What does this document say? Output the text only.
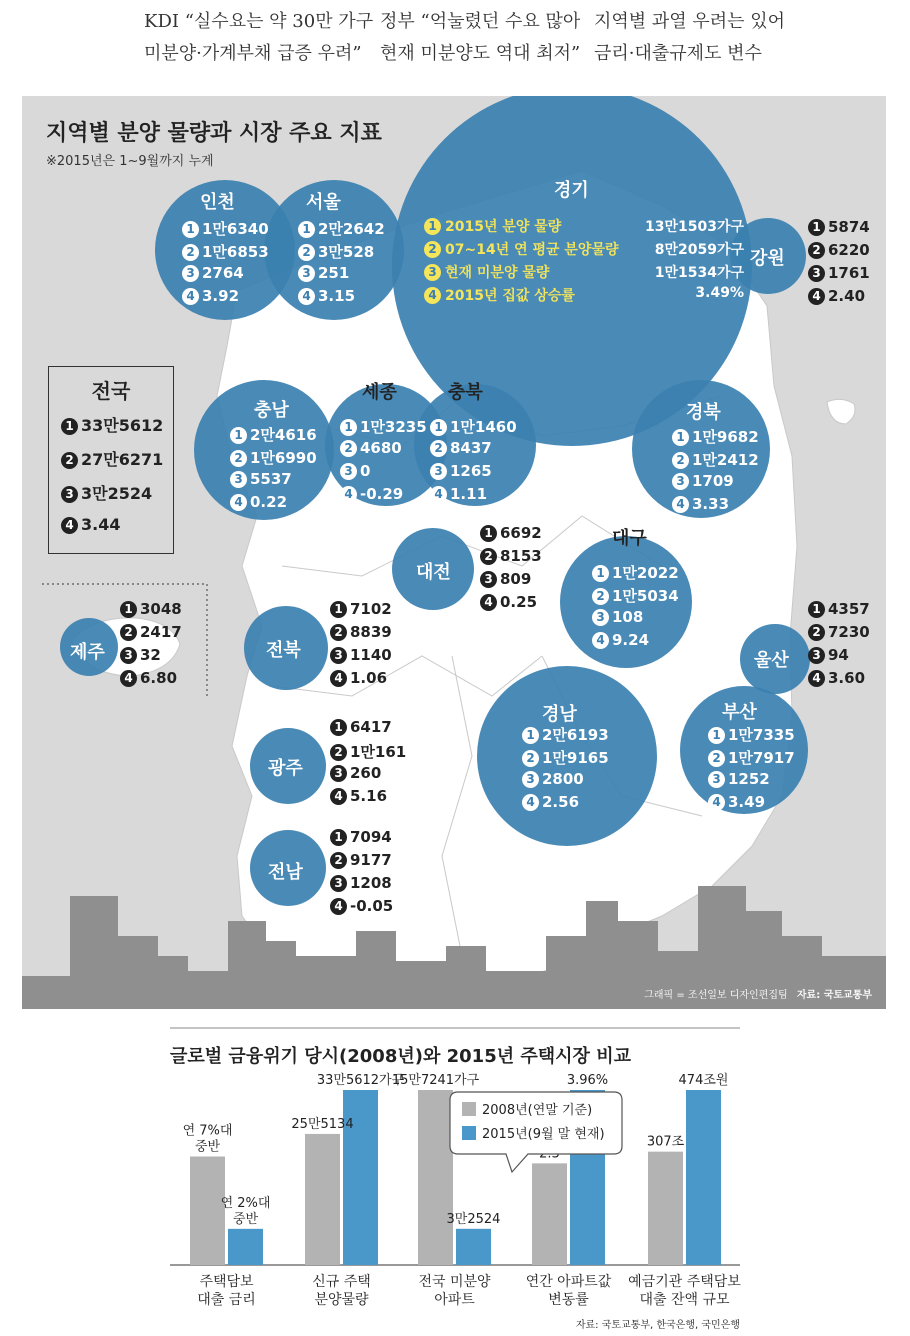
KDI “실수요는 약 30만 가구
미분양·가계부채 급증 우려”
정부 “억눌렸던 수요 많아
현재 미분양도 역대 최저”
지역별 과열 우려는 있어
금리·대출규제도 변수
지역별 분양 물량과 시장 주요 지표
※2015년은 1~9월까지 누계
인천	서울
경기
강원
충남
세종	충북
경북
대전
대구
제주	전북	울산
경남	부산
광주
전남
1 1만6340
2 1만6853
3 2764
4 3.92
1 2만2642
2 3만528
3 251
4 3.15
1 2015년 분양 물량	13만1503가구
2 07~14년 연 평균 분양물량	8만2059가구
3 현재 미분양 물량	1만1534가구
4 2015년 집값 상승률	3.49%
1 5874
2 6220
3 1761
4 2.40
전국
1 33만5612
2 27만6271
3 3만2524
4 3.44
1 2만4616
2 1만6990
3 5537
4 0.22
1 1만3235
2 4680
3 0
4 -0.29
1 1만1460
2 8437
3 1265
4 1.11
1 1만9682
2 1만2412
3 1709
4 3.33
1 6692
2 8153
3 809
4 0.25
1 1만2022
2 1만5034
3 108
4 9.24
1 3048
2 2417
3 32
4 6.80
1 7102
2 8839
3 1140
4 1.06
1 4357
2 7230
3 94
4 3.60
1 2만6193
2 1만9165
3 2800
4 2.56
1 1만7335
2 1만7917
3 1252
4 3.49
1 6417
2 1만161
3 260
4 5.16
1 7094
2 9177
3 1208
4 -0.05
그래픽 = 조선일보 디자인편집팀 자료: 국토교통부
글로벌 금융위기 당시(2008년)와 2015년 주택시장 비교
연 7%대
중반
연 2%대
중반
25만5134
33만5612가구
15만7241가구
3만2524
3.96%
307조
474조원
주택담보
대출 금리
신규 주택
분양물량
전국 미분양
아파트
연간 아파트값
변동률
예금기관 주택담보
대출 잔액 규모
2008년(연말 기준)
2015년(9월 말 현재)
자료: 국토교통부, 한국은행, 국민은행
